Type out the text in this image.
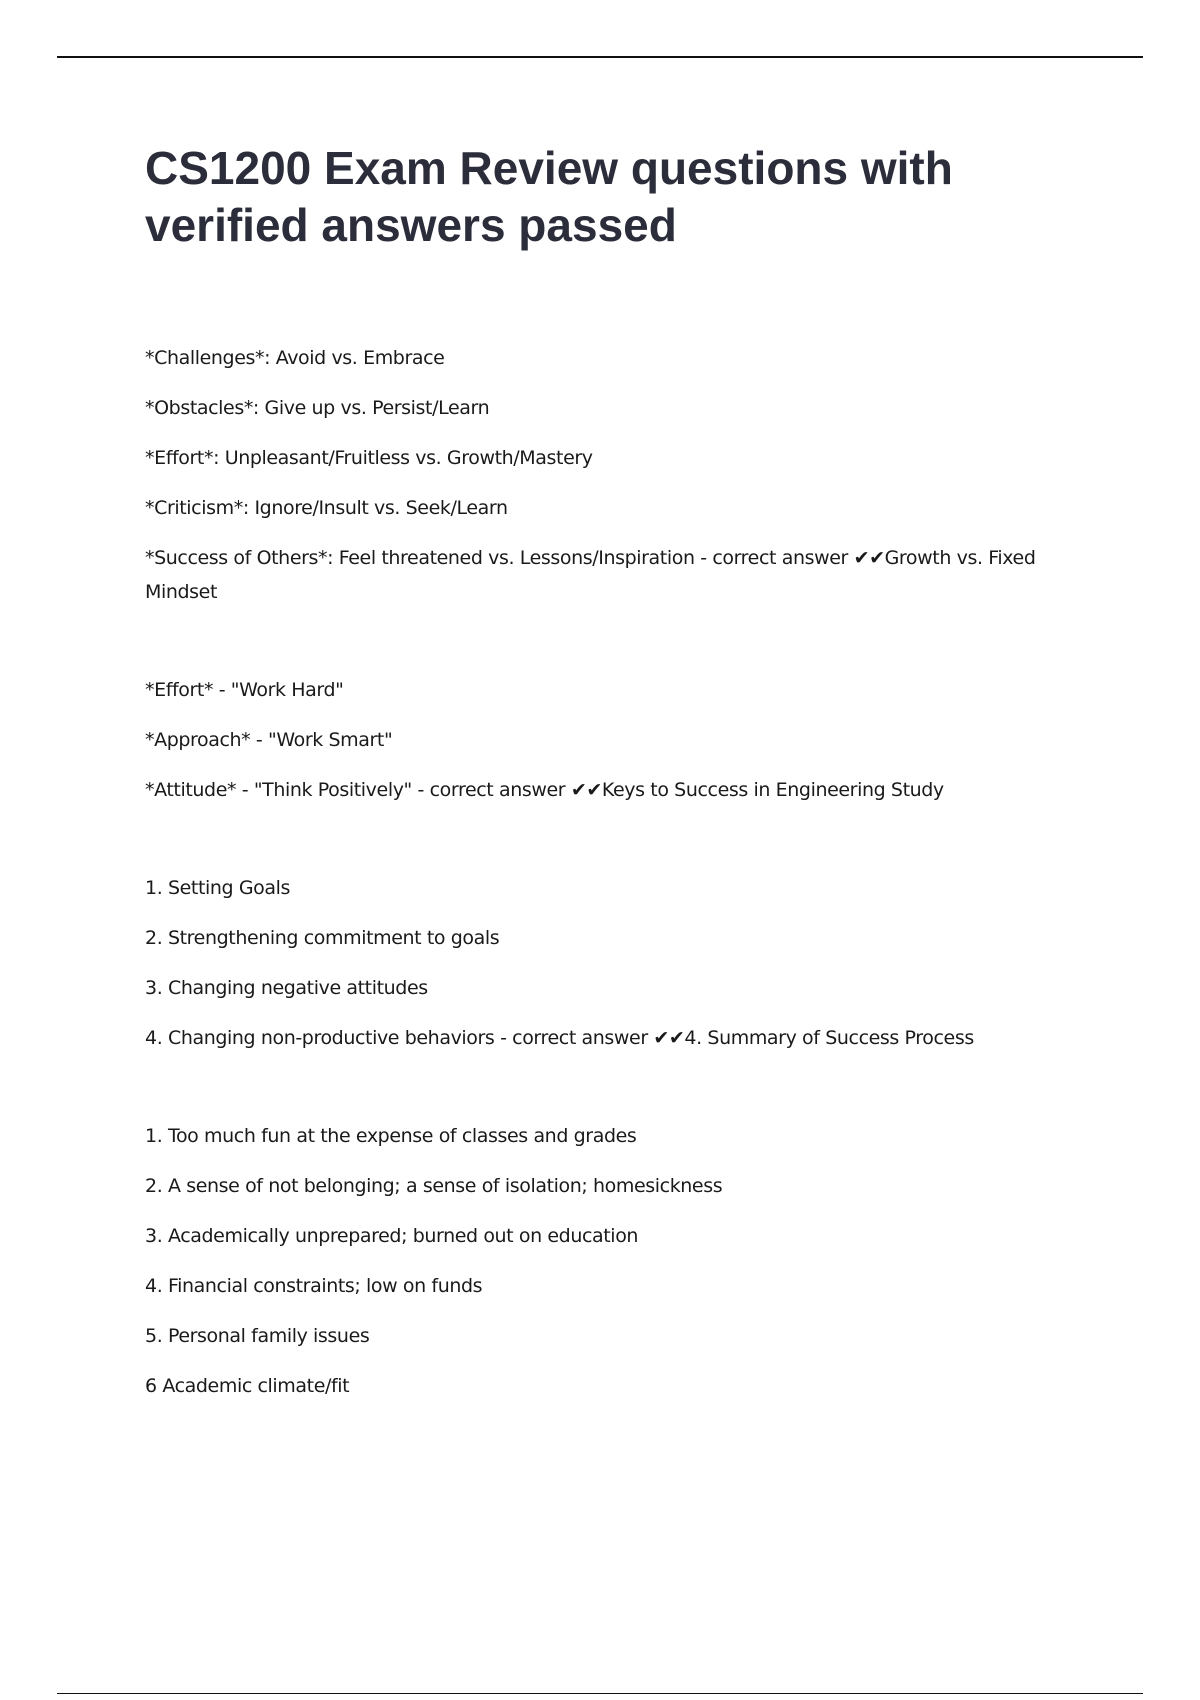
CS1200 Exam Review questions with verified answers passed

*Challenges*: Avoid vs. Embrace

*Obstacles*: Give up vs. Persist/Learn

*Effort*: Unpleasant/Fruitless vs. Growth/Mastery

*Criticism*: Ignore/Insult vs. Seek/Learn

*Success of Others*: Feel threatened vs. Lessons/Inspiration - correct answer ✔✔Growth vs. Fixed Mindset

*Effort* - "Work Hard"

*Approach* - "Work Smart"

*Attitude* - "Think Positively" - correct answer ✔✔Keys to Success in Engineering Study

1. Setting Goals

2. Strengthening commitment to goals

3. Changing negative attitudes

4. Changing non-productive behaviors - correct answer ✔✔4. Summary of Success Process

1. Too much fun at the expense of classes and grades

2. A sense of not belonging; a sense of isolation; homesickness

3. Academically unprepared; burned out on education

4. Financial constraints; low on funds

5. Personal family issues

6 Academic climate/fit
